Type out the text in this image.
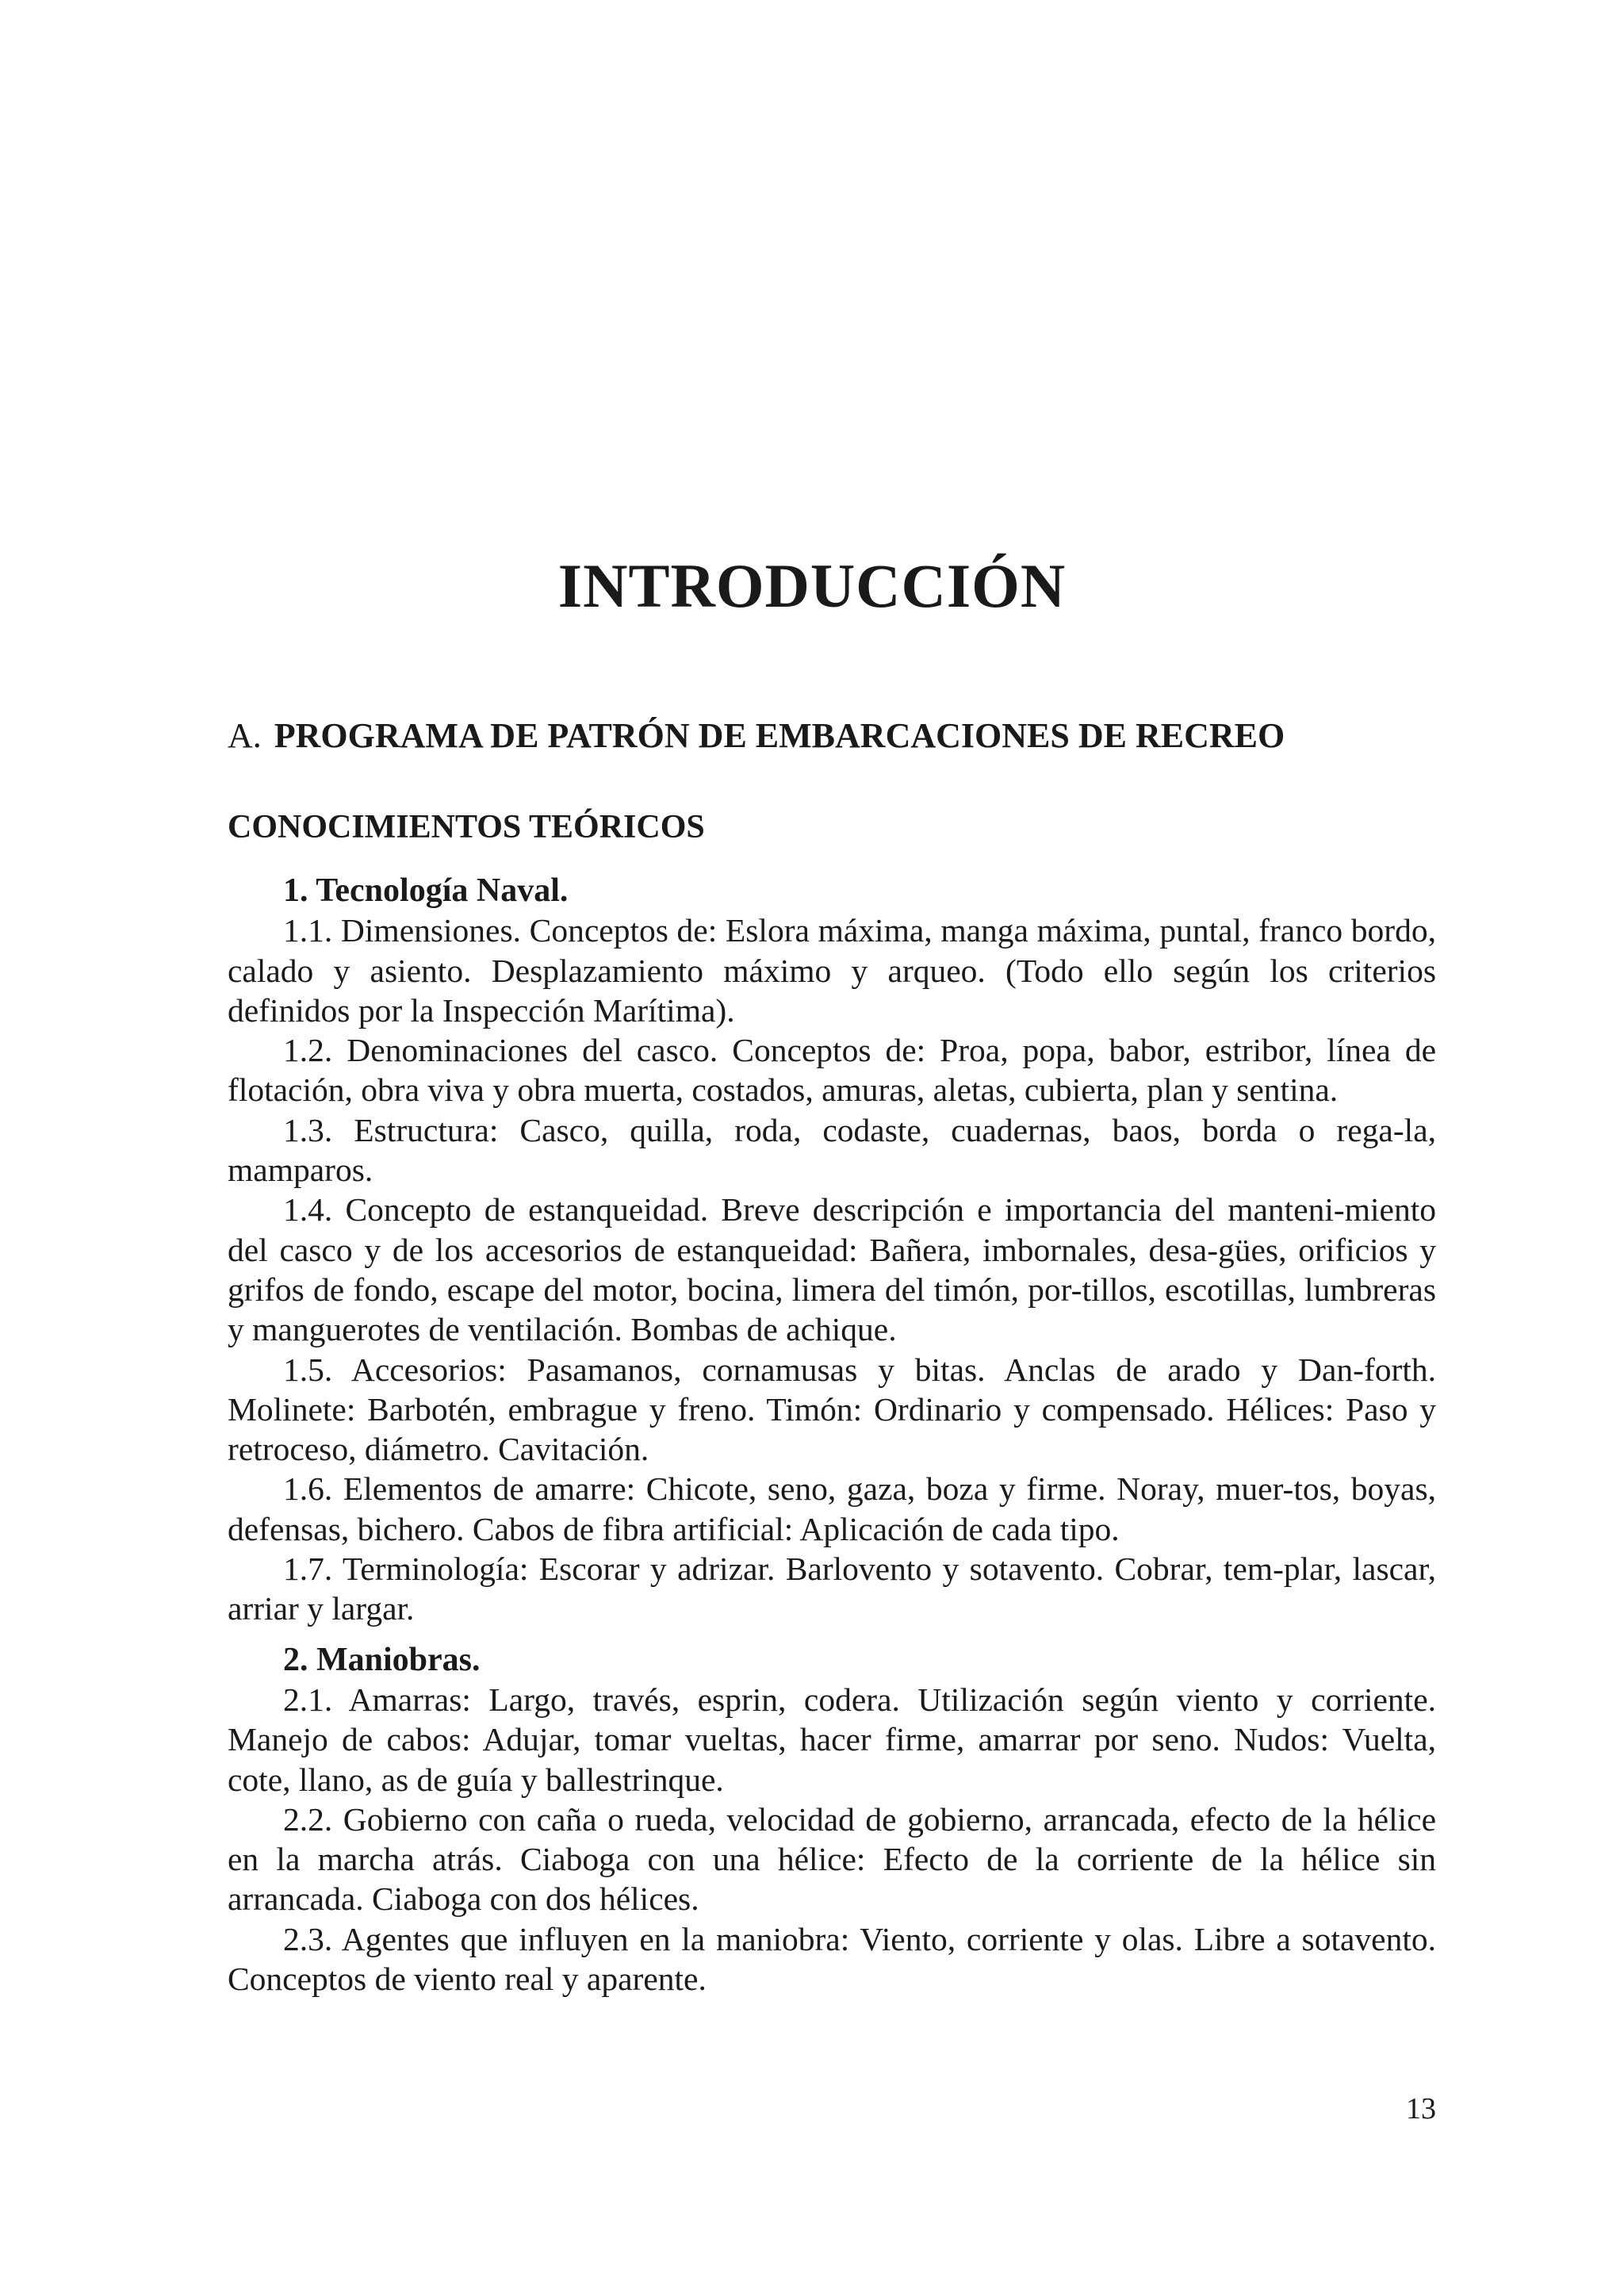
INTRODUCCIÓN
A. PROGRAMA DE PATRÓN DE EMBARCACIONES DE RECREO
CONOCIMIENTOS TEÓRICOS

1. Tecnología Naval.

1.1. Dimensiones. Conceptos de: Eslora máxima, manga máxima, puntal, franco bordo, calado y asiento. Desplazamiento máximo y arqueo. (Todo ello según los criterios definidos por la Inspección Marítima).

1.2. Denominaciones del casco. Conceptos de: Proa, popa, babor, estribor, línea de flotación, obra viva y obra muerta, costados, amuras, aletas, cubierta, plan y sentina.

1.3. Estructura: Casco, quilla, roda, codaste, cuadernas, baos, borda o rega-la, mamparos.

1.4. Concepto de estanqueidad. Breve descripción e importancia del manteni-miento del casco y de los accesorios de estanqueidad: Bañera, imbornales, desa-gües, orificios y grifos de fondo, escape del motor, bocina, limera del timón, por-tillos, escotillas, lumbreras y manguerotes de ventilación. Bombas de achique.

1.5. Accesorios: Pasamanos, cornamusas y bitas. Anclas de arado y Dan-forth. Molinete: Barbotén, embrague y freno. Timón: Ordinario y compensado. Hélices: Paso y retroceso, diámetro. Cavitación.

1.6. Elementos de amarre: Chicote, seno, gaza, boza y firme. Noray, muer-tos, boyas, defensas, bichero. Cabos de fibra artificial: Aplicación de cada tipo.

1.7. Terminología: Escorar y adrizar. Barlovento y sotavento. Cobrar, tem-plar, lascar, arriar y largar.

2. Maniobras.

2.1. Amarras: Largo, través, esprin, codera. Utilización según viento y corriente. Manejo de cabos: Adujar, tomar vueltas, hacer firme, amarrar por seno. Nudos: Vuelta, cote, llano, as de guía y ballestrinque.

2.2. Gobierno con caña o rueda, velocidad de gobierno, arrancada, efecto de la hélice en la marcha atrás. Ciaboga con una hélice: Efecto de la corriente de la hélice sin arrancada. Ciaboga con dos hélices.

2.3. Agentes que influyen en la maniobra: Viento, corriente y olas. Libre a sotavento. Conceptos de viento real y aparente.

13
